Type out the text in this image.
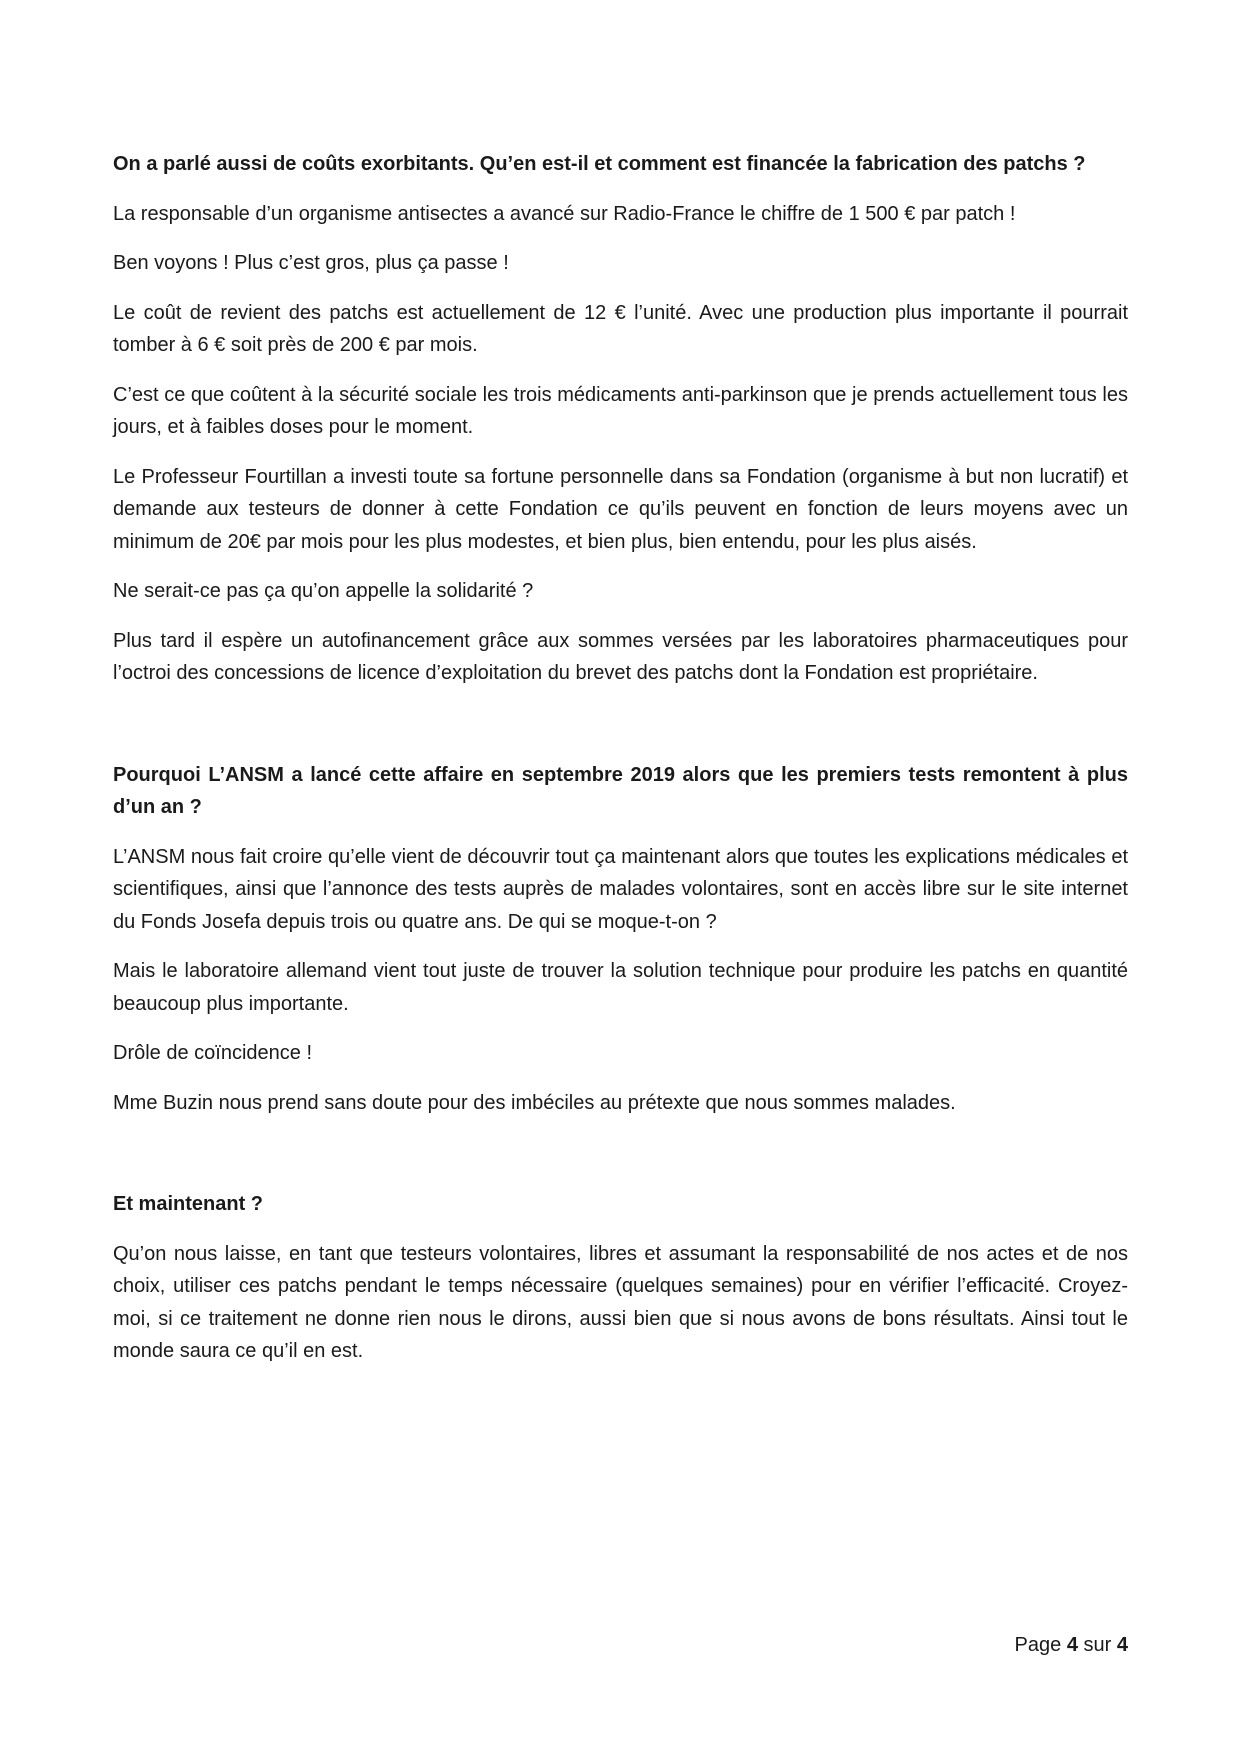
On a parlé aussi de coûts exorbitants. Qu’en est-il et comment est financée la fabrication des patchs ?

La responsable d’un organisme antisectes a avancé sur Radio-France le chiffre de 1 500 € par patch !

Ben voyons ! Plus c’est gros, plus ça passe !

Le coût de revient des patchs est actuellement de 12 € l’unité. Avec une production plus importante il pourrait tomber à 6 € soit près de 200 € par mois.

C’est ce que coûtent à la sécurité sociale les trois médicaments anti-parkinson que je prends actuellement tous les jours, et à faibles doses pour le moment.

Le Professeur Fourtillan a investi toute sa fortune personnelle dans sa Fondation (organisme à but non lucratif) et demande aux testeurs de donner à cette Fondation ce qu’ils peuvent en fonction de leurs moyens avec un minimum de 20€ par mois pour les plus modestes, et bien plus, bien entendu, pour les plus aisés.

Ne serait-ce pas ça qu’on appelle la solidarité ?

Plus tard il espère un autofinancement grâce aux sommes versées par les laboratoires pharmaceutiques pour l’octroi des concessions de licence d’exploitation du brevet des patchs dont la Fondation est propriétaire.

Pourquoi L’ANSM a lancé cette affaire en septembre 2019 alors que les premiers tests remontent à plus d’un an ?

L’ANSM nous fait croire qu’elle vient de découvrir tout ça maintenant alors que toutes les explications médicales et scientifiques, ainsi que l’annonce des tests auprès de malades volontaires, sont en accès libre sur le site internet du Fonds Josefa depuis trois ou quatre ans. De qui se moque-t-on ?

Mais le laboratoire allemand vient tout juste de trouver la solution technique pour produire les patchs en quantité beaucoup plus importante.

Drôle de coïncidence !

Mme Buzin nous prend sans doute pour des imbéciles au prétexte que nous sommes malades.

Et maintenant ?

Qu’on nous laisse, en tant que testeurs volontaires, libres et assumant la responsabilité de nos actes et de nos choix, utiliser ces patchs pendant le temps nécessaire (quelques semaines) pour en vérifier l’efficacité. Croyez-moi, si ce traitement ne donne rien nous le dirons, aussi bien que si nous avons de bons résultats. Ainsi tout le monde saura ce qu’il en est.

Page 4 sur 4
